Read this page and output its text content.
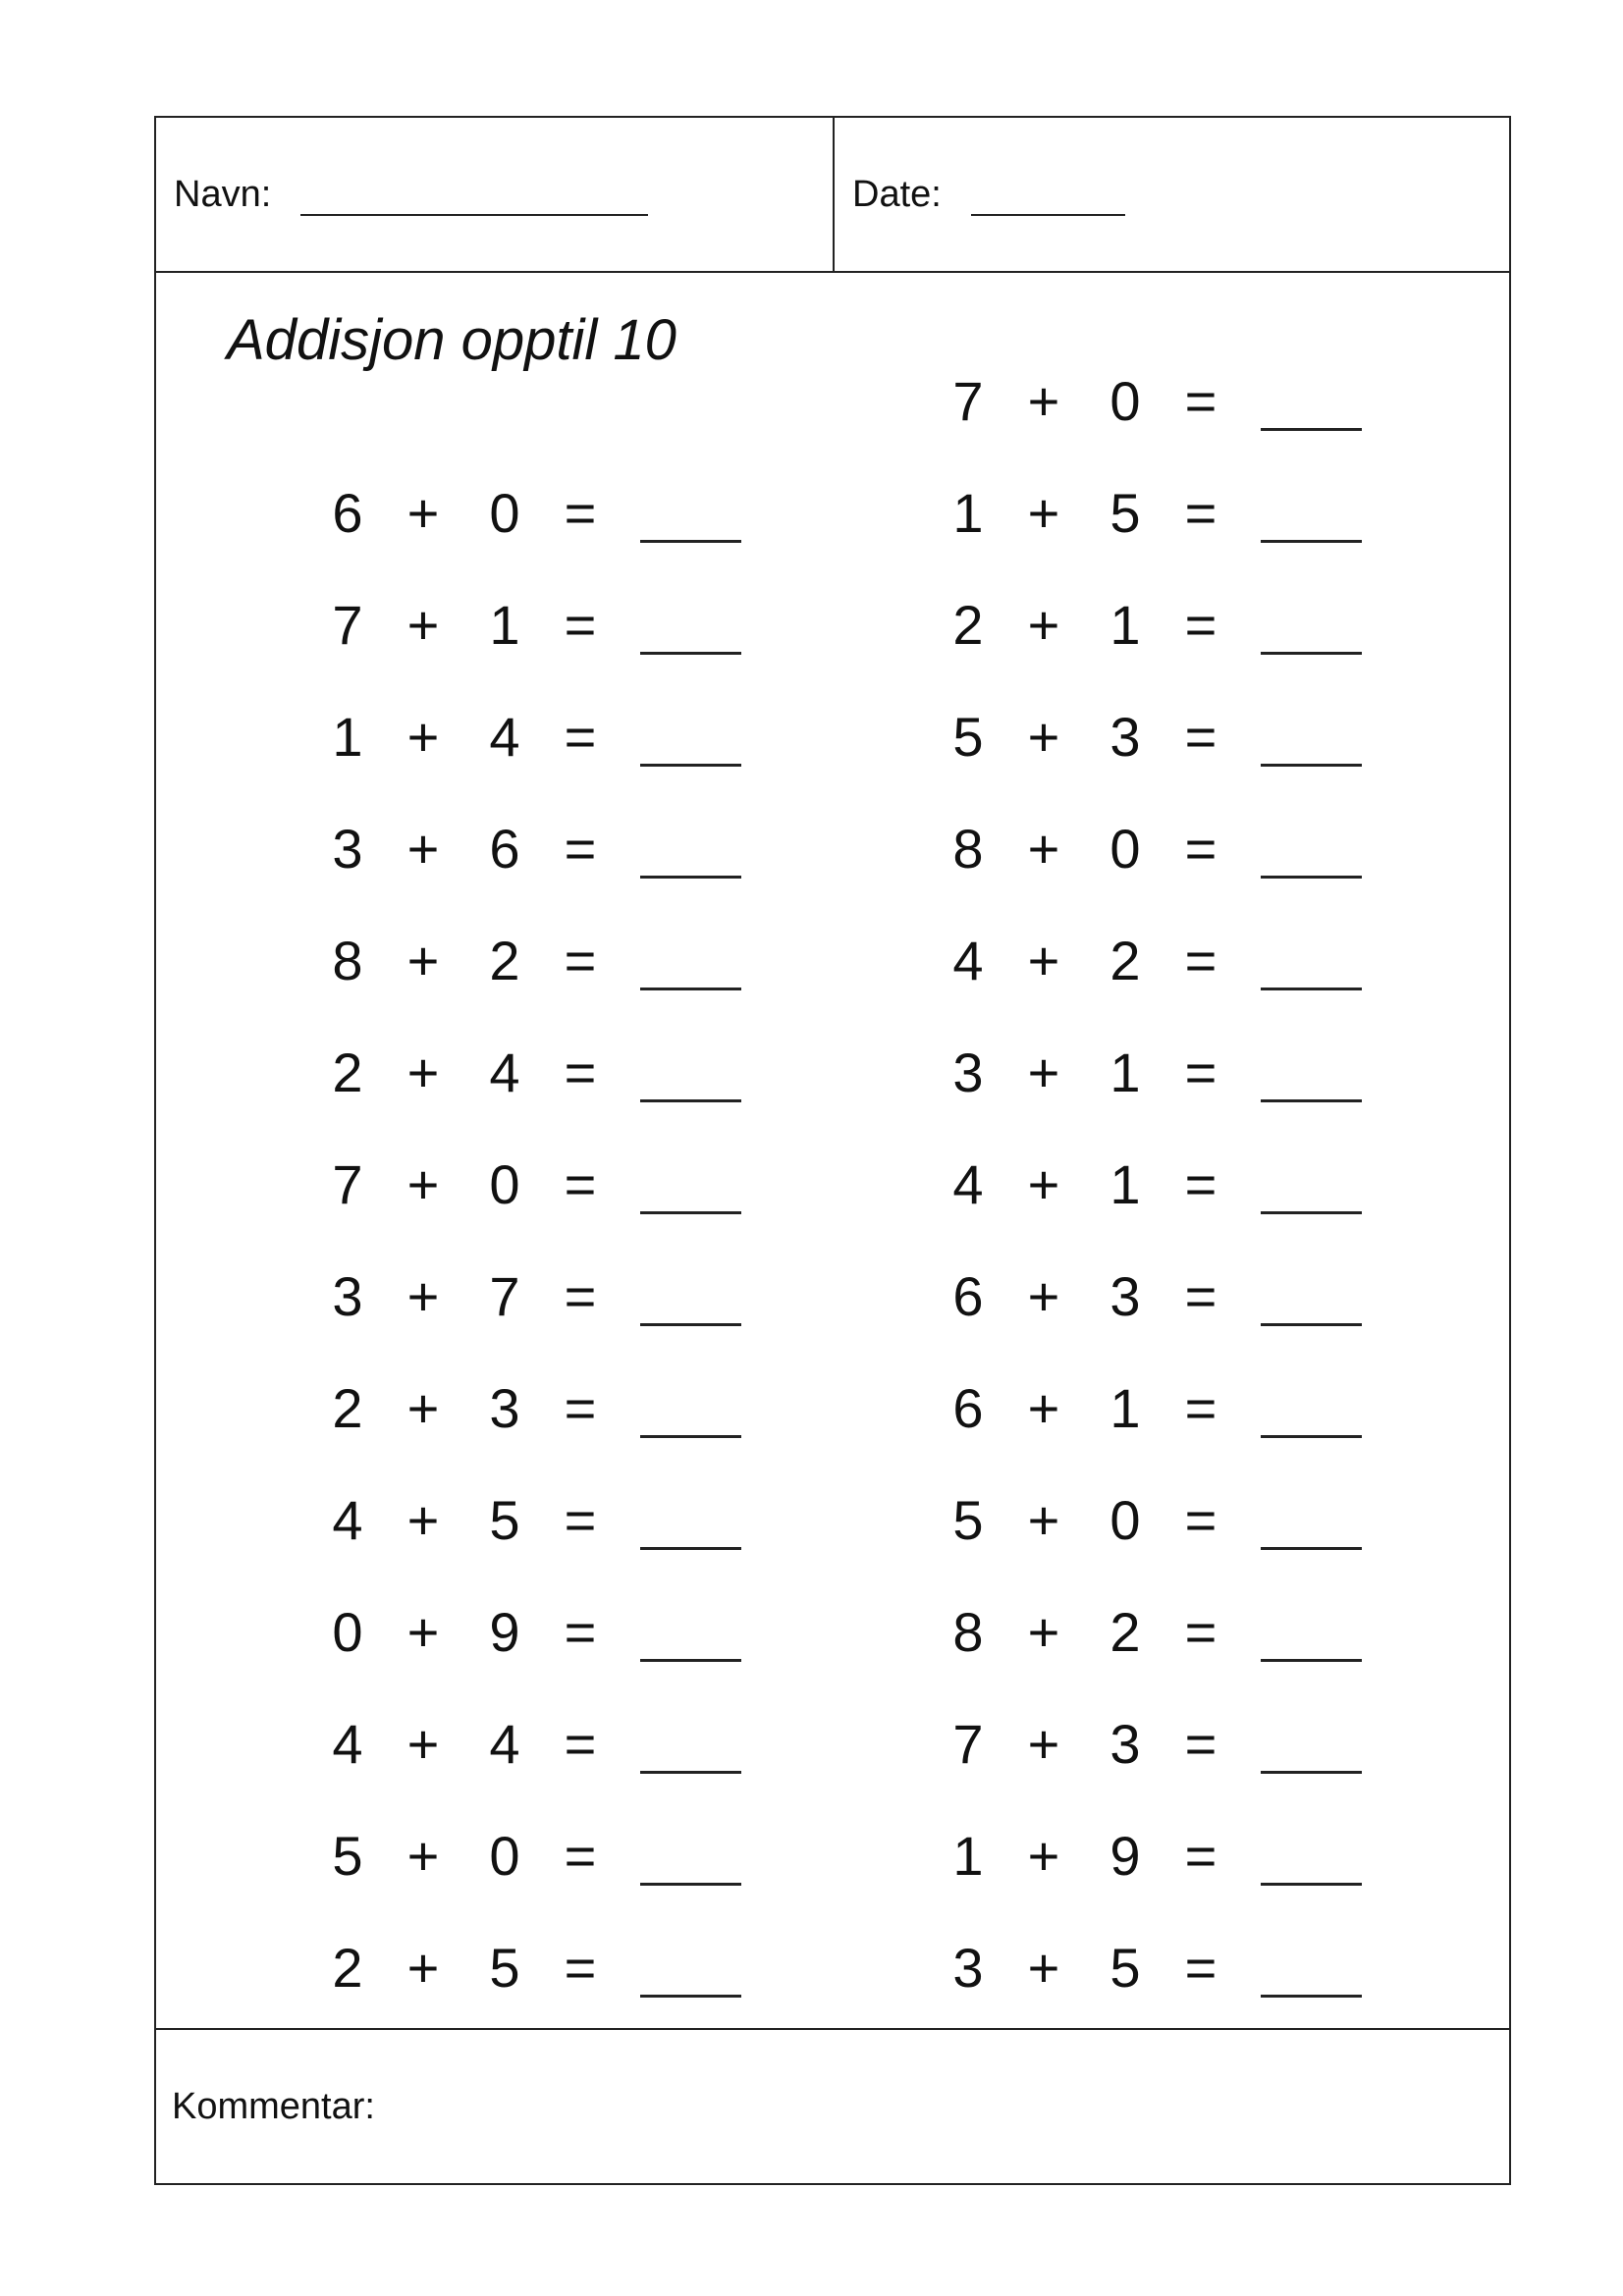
Navn:	Date:
Addisjon opptil 10
6 + 0 =
7 + 1 =
1 + 4 =
3 + 6 =
8 + 2 =
2 + 4 =
7 + 0 =
3 + 7 =
2 + 3 =
4 + 5 =
0 + 9 =
4 + 4 =
5 + 0 =
2 + 5 =
7 + 0 =
1 + 5 =
2 + 1 =
5 + 3 =
8 + 0 =
4 + 2 =
3 + 1 =
4 + 1 =
6 + 3 =
6 + 1 =
5 + 0 =
8 + 2 =
7 + 3 =
1 + 9 =
3 + 5 =
Kommentar:
